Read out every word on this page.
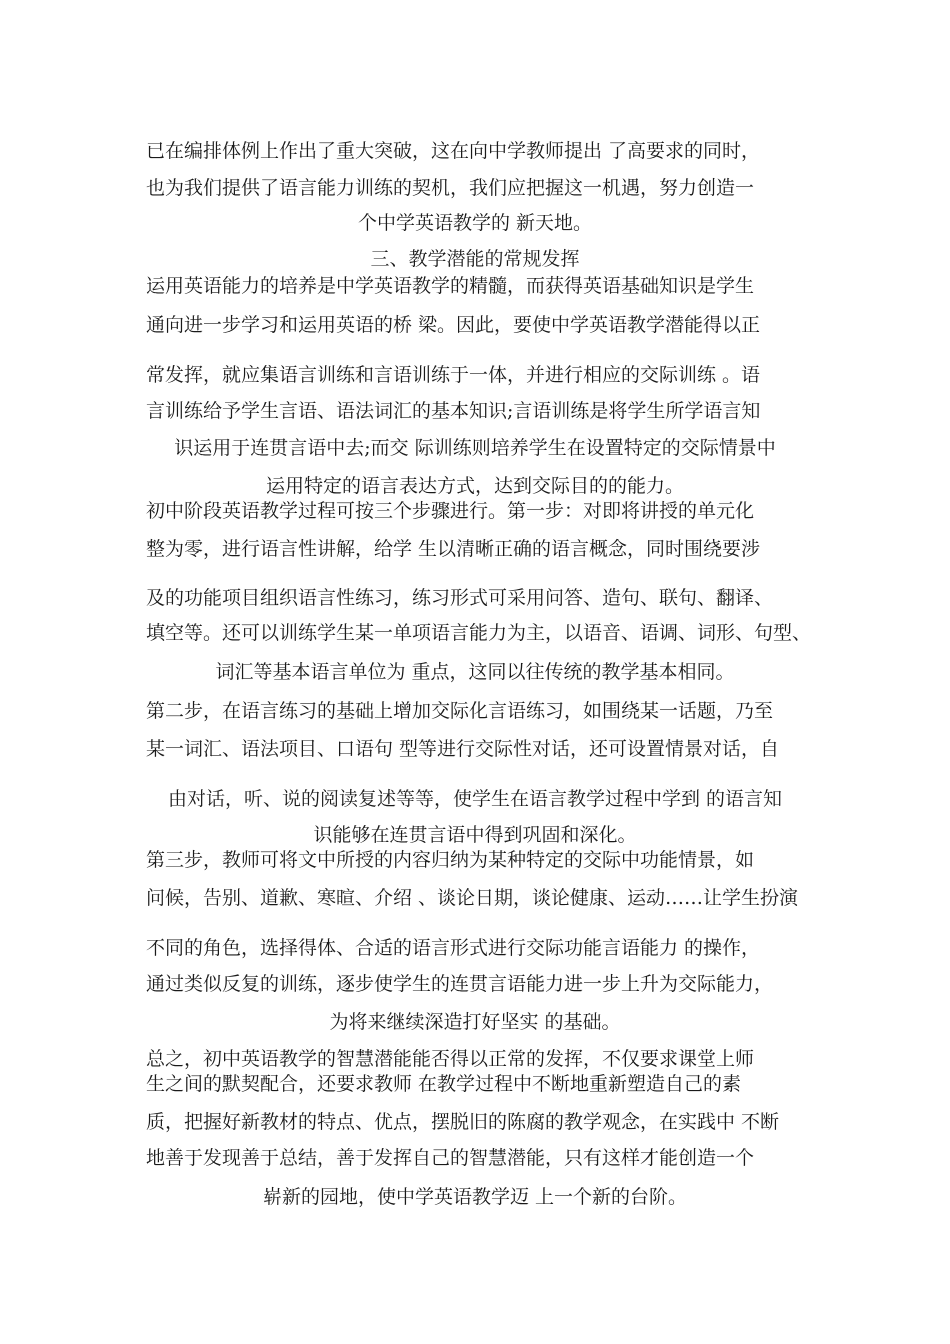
已在编排体例上作出了重大突破，这在向中学教师提出 了高要求的同时，

也为我们提供了语言能力训练的契机，我们应把握这一机遇，努力创造一

个中学英语教学的 新天地。

三、教学潜能的常规发挥

运用英语能力的培养是中学英语教学的精髓，而获得英语基础知识是学生

通向进一步学习和运用英语的桥 梁。因此，要使中学英语教学潜能得以正

常发挥，就应集语言训练和言语训练于一体，并进行相应的交际训练 。语

言训练给予学生言语、语法词汇的基本知识;言语训练是将学生所学语言知

识运用于连贯言语中去;而交 际训练则培养学生在设置特定的交际情景中

运用特定的语言表达方式，达到交际目的的能力。

初中阶段英语教学过程可按三个步骤进行。第一步：对即将讲授的单元化

整为零，进行语言性讲解，给学 生以清晰正确的语言概念，同时围绕要涉

及的功能项目组织语言性练习，练习形式可采用问答、造句、联句、翻译、

填空等。还可以训练学生某一单项语言能力为主，以语音、语调、词形、句型、

词汇等基本语言单位为 重点，这同以往传统的教学基本相同。

第二步，在语言练习的基础上增加交际化言语练习，如围绕某一话题，乃至

某一词汇、语法项目、口语句 型等进行交际性对话，还可设置情景对话，自

由对话，听、说的阅读复述等等，使学生在语言教学过程中学到 的语言知

识能够在连贯言语中得到巩固和深化。

第三步，教师可将文中所授的内容归纳为某种特定的交际中功能情景，如

问候，告别、道歉、寒暄、介绍 、谈论日期，谈论健康、运动……让学生扮演

不同的角色，选择得体、合适的语言形式进行交际功能言语能力 的操作，

通过类似反复的训练，逐步使学生的连贯言语能力进一步上升为交际能力，

为将来继续深造打好坚实 的基础。

总之，初中英语教学的智慧潜能能否得以正常的发挥，不仅要求课堂上师

生之间的默契配合，还要求教师 在教学过程中不断地重新塑造自己的素

质，把握好新教材的特点、优点，摆脱旧的陈腐的教学观念，在实践中 不断

地善于发现善于总结，善于发挥自己的智慧潜能，只有这样才能创造一个

崭新的园地，使中学英语教学迈 上一个新的台阶。
